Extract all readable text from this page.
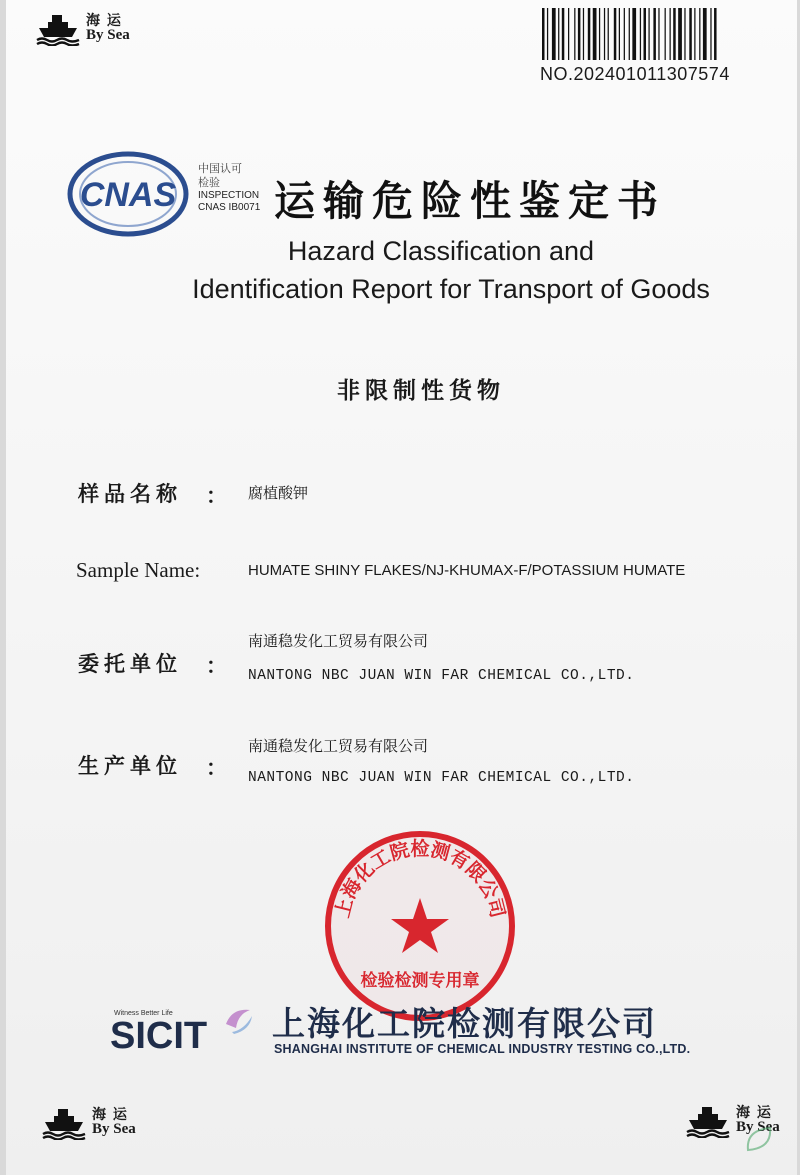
海 运
By Sea
NO.202401011307574
CNAS
中国认可
检验
INSPECTION
CNAS IB0071 运输危险性鉴定书
Hazard Classification and
Identification Report for Transport of Goods
非限制性货物
样品名称 ： 腐植酸钾
Sample Name:	HUMATE SHINY FLAKES/NJ-KHUMAX-F/POTASSIUM HUMATE
南通稳发化工贸易有限公司
委托单位 ： NANTONG NBC JUAN WIN FAR CHEMICAL CO.,LTD.
南通稳发化工贸易有限公司
生产单位 ： NANTONG NBC JUAN WIN FAR CHEMICAL CO.,LTD.
上海化工院检测有限公司
检验检测专用章
Witness Better Life
SICIT 上海化工院检测有限公司
SHANGHAI INSTITUTE OF CHEMICAL INDUSTRY TESTING CO.,LTD.
海 运
By Sea
海 运
By Sea
